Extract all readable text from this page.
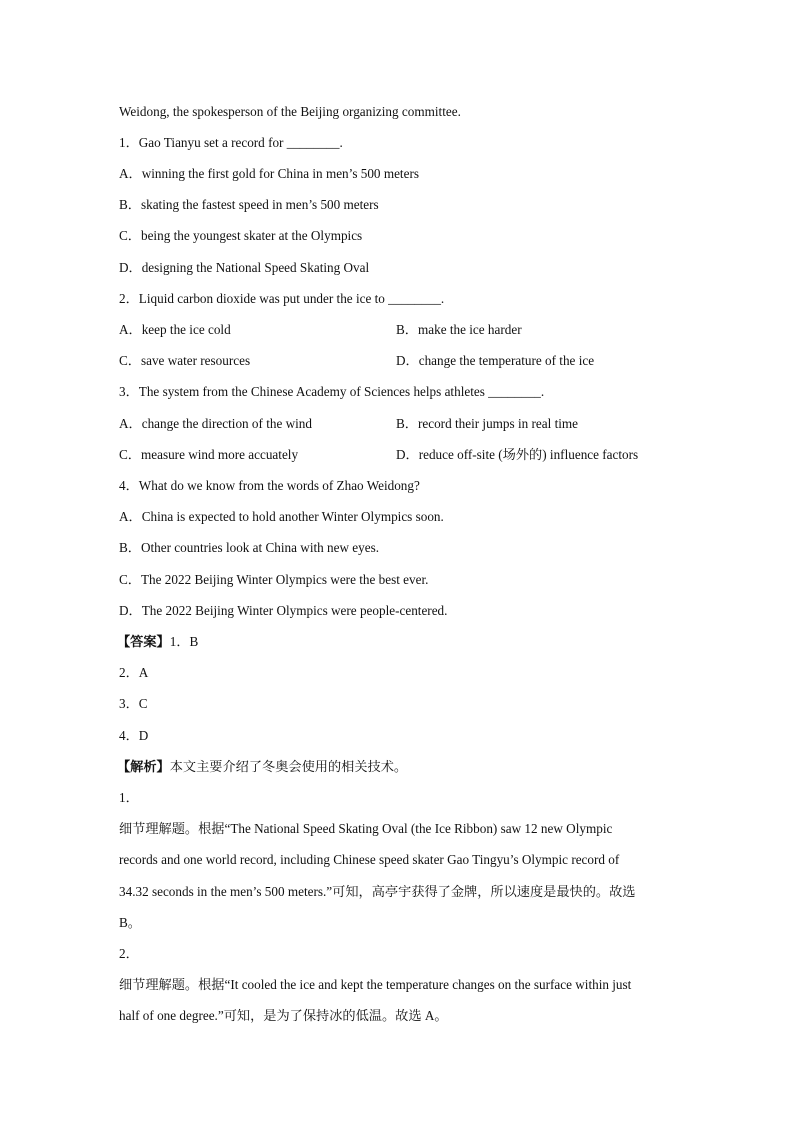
Weidong, the spokesperson of the Beijing organizing committee.
1．Gao Tianyu set a record for ________.
A．winning the first gold for China in men’s 500 meters
B．skating the fastest speed in men’s 500 meters
C．being the youngest skater at the Olympics
D．designing the National Speed Skating Oval
2．Liquid carbon dioxide was put under the ice to ________.
A．keep the ice cold	B．make the ice harder
C．save water resources	D．change the temperature of the ice
3．The system from the Chinese Academy of Sciences helps athletes ________.
A．change the direction of the wind	B．record their jumps in real time
C．measure wind more accuately	D．reduce off-site (场外的) influence factors
4．What do we know from the words of Zhao Weidong?
A．China is expected to hold another Winter Olympics soon.
B．Other countries look at China with new eyes.
C．The 2022 Beijing Winter Olympics were the best ever.
D．The 2022 Beijing Winter Olympics were people-centered.
【答案】1．B
2．A
3．C
4．D
【解析】本文主要介绍了冬奥会使用的相关技术。
1．
细节理解题。根据“The National Speed Skating Oval (the Ice Ribbon) saw 12 new Olympic
records and one world record, including Chinese speed skater Gao Tingyu’s Olympic record of
34.32 seconds in the men’s 500 meters.”可知，高亭宇获得了金牌，所以速度是最快的。故选
B。
2．
细节理解题。根据“It cooled the ice and kept the temperature changes on the surface within just
half of one degree.”可知，是为了保持冰的低温。故选 A。
